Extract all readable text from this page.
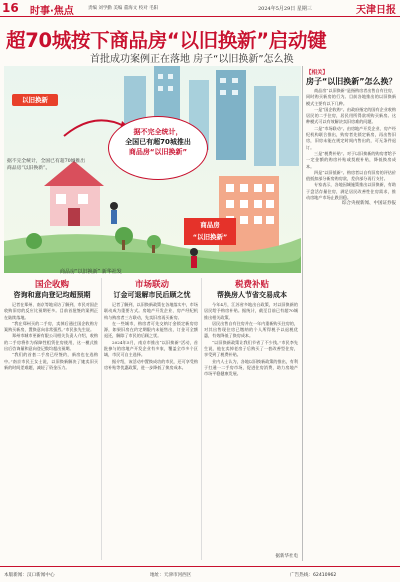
16 时事·焦点	责编 刘学勤 美编 董海文 校对 毛阳	2024年5月29日 星期三	天津日报
超70城按下商品房“以旧换新”启动键
首批成功案例正在落地 房子“以旧换新”怎么换
以旧换新
据不完全统计，
全国已有超70城推出
商品房“以旧换新”
商品房
“以旧换新”
据不完全统计，全国已有超70城推出商品房“以旧换新”。
商品房“以旧换新” 新华社发
【相关】
房子“以旧换新”怎么换？

商品房“以旧换新”是指购房者出售自有住房，同时购买新房的行为。目前各地推出的以旧换新模式主要有以下几种。

一是“国企收购”。由政府指定的国有企业收购居民的二手住房，居民用所得款项购买新房。这种模式可以有效解决卖旧房难的问题。

二是“市场联动”。由房地产开发企业、房产经纪机构联合推出，购房者先锁定新房，再出售旧房，旧房未能在规定时间内售出的，可无条件退订。

三是“税费补贴”。对于以旧换新的购房者给予一定金额的购房补贴或契税补贴，降低换房成本。

四是“以旧抵新”。购房者以自有旧房的评估价值抵扣部分新房购房款，差价部分再行支付。

专家表示，各地因城施策推出以旧换新，有助于盘活存量住房，满足居民改善性住房需求，推动房地产市场止跌回稳。

综合央视新闻、中国证券报

国企收购
咨询和意向登记均超预期

记者在郑州、南京等地采访了解到，市民对国企收购旧房的反应比预期更多。目前首批签约案例正在陆续落地。

“我在郑州买的二手房，卖掉后通过国企收购方案购买新房，置换意向非常强烈。”市民张先生说。

郑州市城市更新有限公司相关负责人介绍，收购的二手房将作为保障性租赁住房使用，这一模式推出后咨询量和意向登记数均超出预期。

“我们的首套二手房已经签约，新房也在选购中。”南京市民王女士说，以旧换新解决了她卖旧买新的时间差难题，减轻了资金压力。

市场联动
订金可退解市民后顾之忧

记者了解到，以旧换新政策在各地落实中，市场联动成为重要方式。房地产开发企业、房产经纪机构与购房者三方联动，先卖旧房再买新房。

在一些城市，购房者可先交纳订金锁定新房房源，如果旧房在约定期限内未能售出，订金可全额退还，解除了市民的后顾之忧。

2024年5月，南京市推出“以旧换新”活动，首批参与的房地产开发企业有多家，覆盖全市多个区域，市民可自主选择。

据介绍，该活动中置换成功的市民，还可享受购房补贴等优惠政策，进一步降低了换房成本。

税费补贴
帮换房人节省交易成本

今年4月，江苏省多地出台政策，对以旧换新的居民给予购房补贴。据统计，截至目前已有超70城推出相关政策。

居民出售自有住房并在一年内重新购买住房的，对其出售现住房已缴纳的个人所得税予以退税优惠，有效降低了换房成本。

“以旧换新政策让我们节省了不少钱。”市民李先生说，他在卖掉老房子后购买了一套改善型住房，享受到了税费补贴。

业内人士认为，各地以旧换新政策的推出，有利于打通一二手房市场，促进住房消费，助力房地产市场平稳健康发展。

据新华社电
本版新闻：汉口新闻中心	地址：天津市河西区	广告热线：62410962
